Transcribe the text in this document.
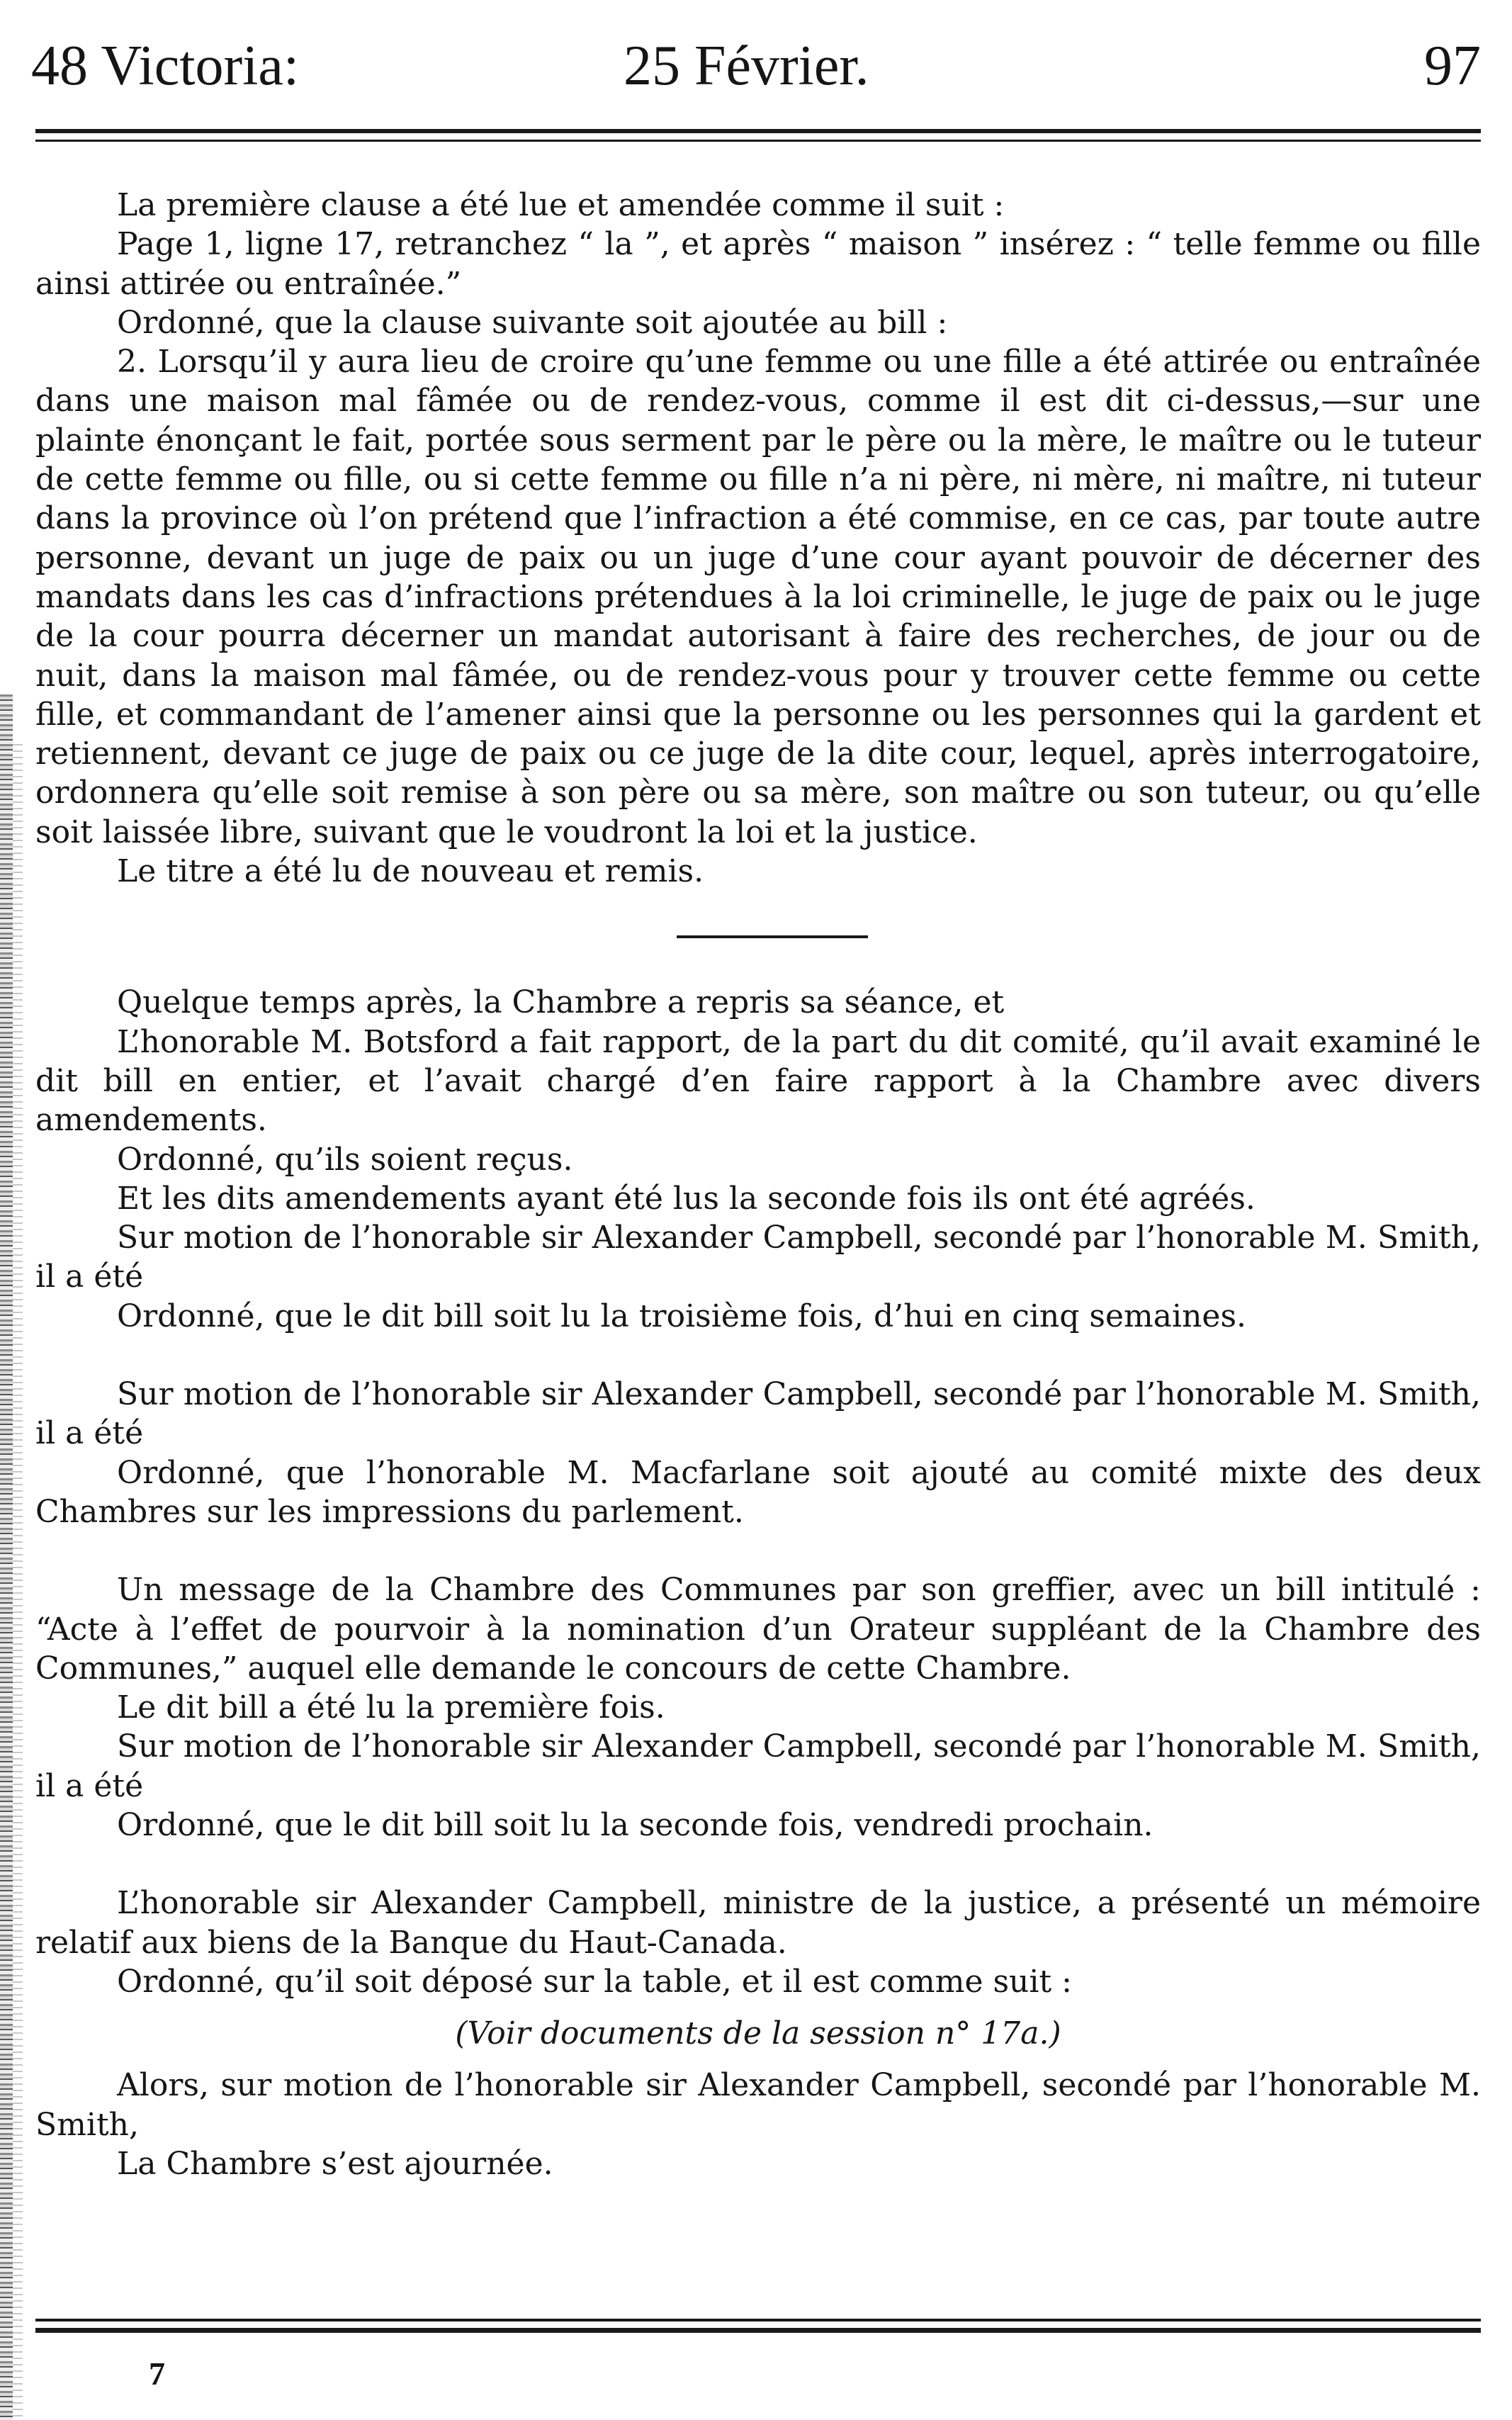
48 Victoria:	25 Février.	97

La première clause a été lue et amendée comme il suit :

Page 1, ligne 17, retranchez “ la ”, et après “ maison ” insérez : “ telle femme ou fille ainsi attirée ou entraînée.”

Ordonné, que la clause suivante soit ajoutée au bill :

2. Lorsqu’il y aura lieu de croire qu’une femme ou une fille a été attirée ou entraînée dans une maison mal fâmée ou de rendez-vous, comme il est dit ci-dessus,—sur une plainte énonçant le fait, portée sous serment par le père ou la mère, le maître ou le tuteur de cette femme ou fille, ou si cette femme ou fille n’a ni père, ni mère, ni maître, ni tuteur dans la province où l’on prétend que l’infraction a été commise, en ce cas, par toute autre personne, devant un juge de paix ou un juge d’une cour ayant pouvoir de décerner des mandats dans les cas d’infractions prétendues à la loi criminelle, le juge de paix ou le juge de la cour pourra décerner un mandat autorisant à faire des recherches, de jour ou de nuit, dans la maison mal fâmée, ou de rendez-vous pour y trouver cette femme ou cette fille, et commandant de l’amener ainsi que la personne ou les personnes qui la gardent et retiennent, devant ce juge de paix ou ce juge de la dite cour, lequel, après interrogatoire, ordonnera qu’elle soit remise à son père ou sa mère, son maître ou son tuteur, ou qu’elle soit laissée libre, suivant que le voudront la loi et la justice.

Le titre a été lu de nouveau et remis.

Quelque temps après, la Chambre a repris sa séance, et

L’honorable M. Botsford a fait rapport, de la part du dit comité, qu’il avait examiné le dit bill en entier, et l’avait chargé d’en faire rapport à la Chambre avec divers amendements.

Ordonné, qu’ils soient reçus.

Et les dits amendements ayant été lus la seconde fois ils ont été agréés.

Sur motion de l’honorable sir Alexander Campbell, secondé par l’honorable M. Smith, il a été

Ordonné, que le dit bill soit lu la troisième fois, d’hui en cinq semaines.

Sur motion de l’honorable sir Alexander Campbell, secondé par l’honorable M. Smith, il a été

Ordonné, que l’honorable M. Macfarlane soit ajouté au comité mixte des deux Chambres sur les impressions du parlement.

Un message de la Chambre des Communes par son greffier, avec un bill intitulé : “Acte à l’effet de pourvoir à la nomination d’un Orateur suppléant de la Chambre des Communes,” auquel elle demande le concours de cette Chambre.

Le dit bill a été lu la première fois.

Sur motion de l’honorable sir Alexander Campbell, secondé par l’honorable M. Smith, il a été

Ordonné, que le dit bill soit lu la seconde fois, vendredi prochain.

L’honorable sir Alexander Campbell, ministre de la justice, a présenté un mémoire relatif aux biens de la Banque du Haut-Canada.

Ordonné, qu’il soit déposé sur la table, et il est comme suit :

(Voir documents de la session n° 17a.)

Alors, sur motion de l’honorable sir Alexander Campbell, secondé par l’honorable M. Smith,

La Chambre s’est ajournée.

7
